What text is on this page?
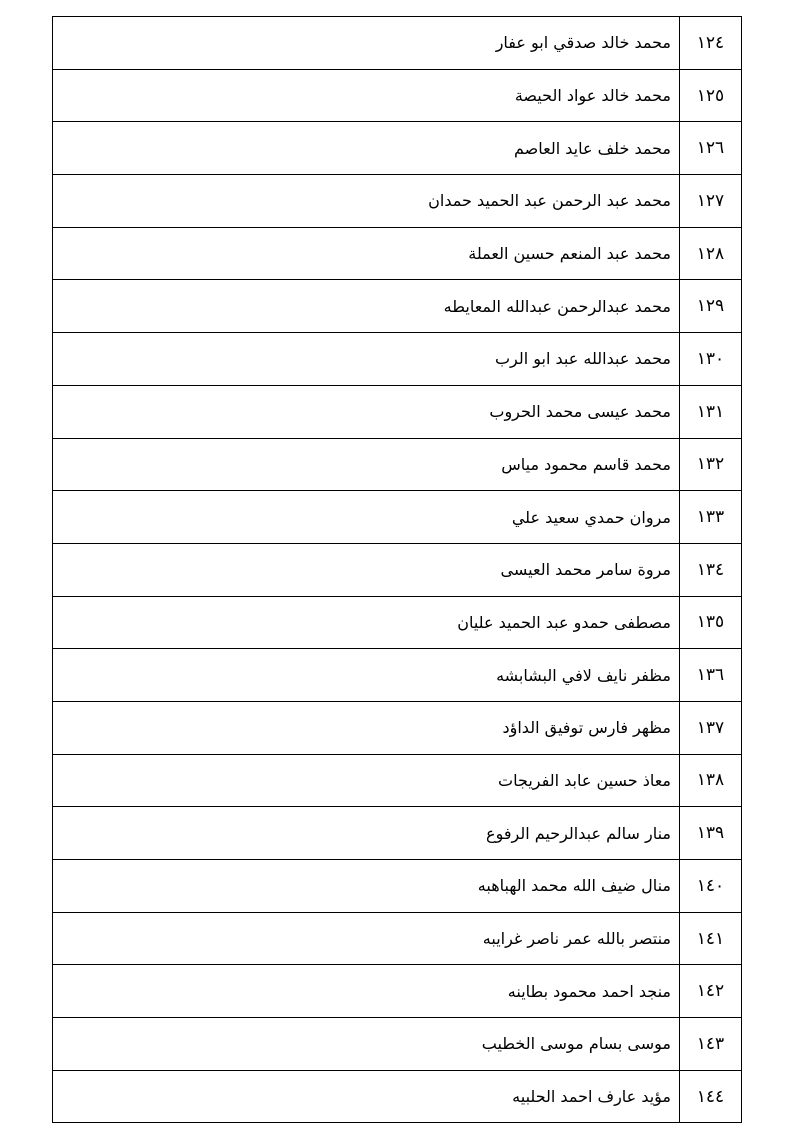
١٢٤	محمد خالد صدقي ابو عفار
١٢٥	محمد خالد عواد الحيصة
١٢٦	محمد خلف عايد العاصم
١٢٧	محمد عبد الرحمن عبد الحميد حمدان
١٢٨	محمد عبد المنعم حسين العملة
١٢٩	محمد عبدالرحمن عبدالله المعايطه
١٣٠	محمد عبدالله عبد ابو الرب
١٣١	محمد عيسى محمد الحروب
١٣٢	محمد قاسم محمود مياس
١٣٣	مروان حمدي سعيد علي
١٣٤	مروة سامر محمد العيسى
١٣٥	مصطفى حمدو عبد الحميد عليان
١٣٦	مظفر نايف لافي البشابشه
١٣٧	مظهر فارس توفيق الداؤد
١٣٨	معاذ حسين عابد الفريجات
١٣٩	منار سالم عبدالرحيم الرفوع
١٤٠	منال ضيف الله محمد الهباهبه
١٤١	منتصر بالله عمر ناصر غرايبه
١٤٢	منجد احمد محمود بطاينه
١٤٣	موسى بسام موسى الخطيب
١٤٤	مؤيد عارف احمد الحلبيه
